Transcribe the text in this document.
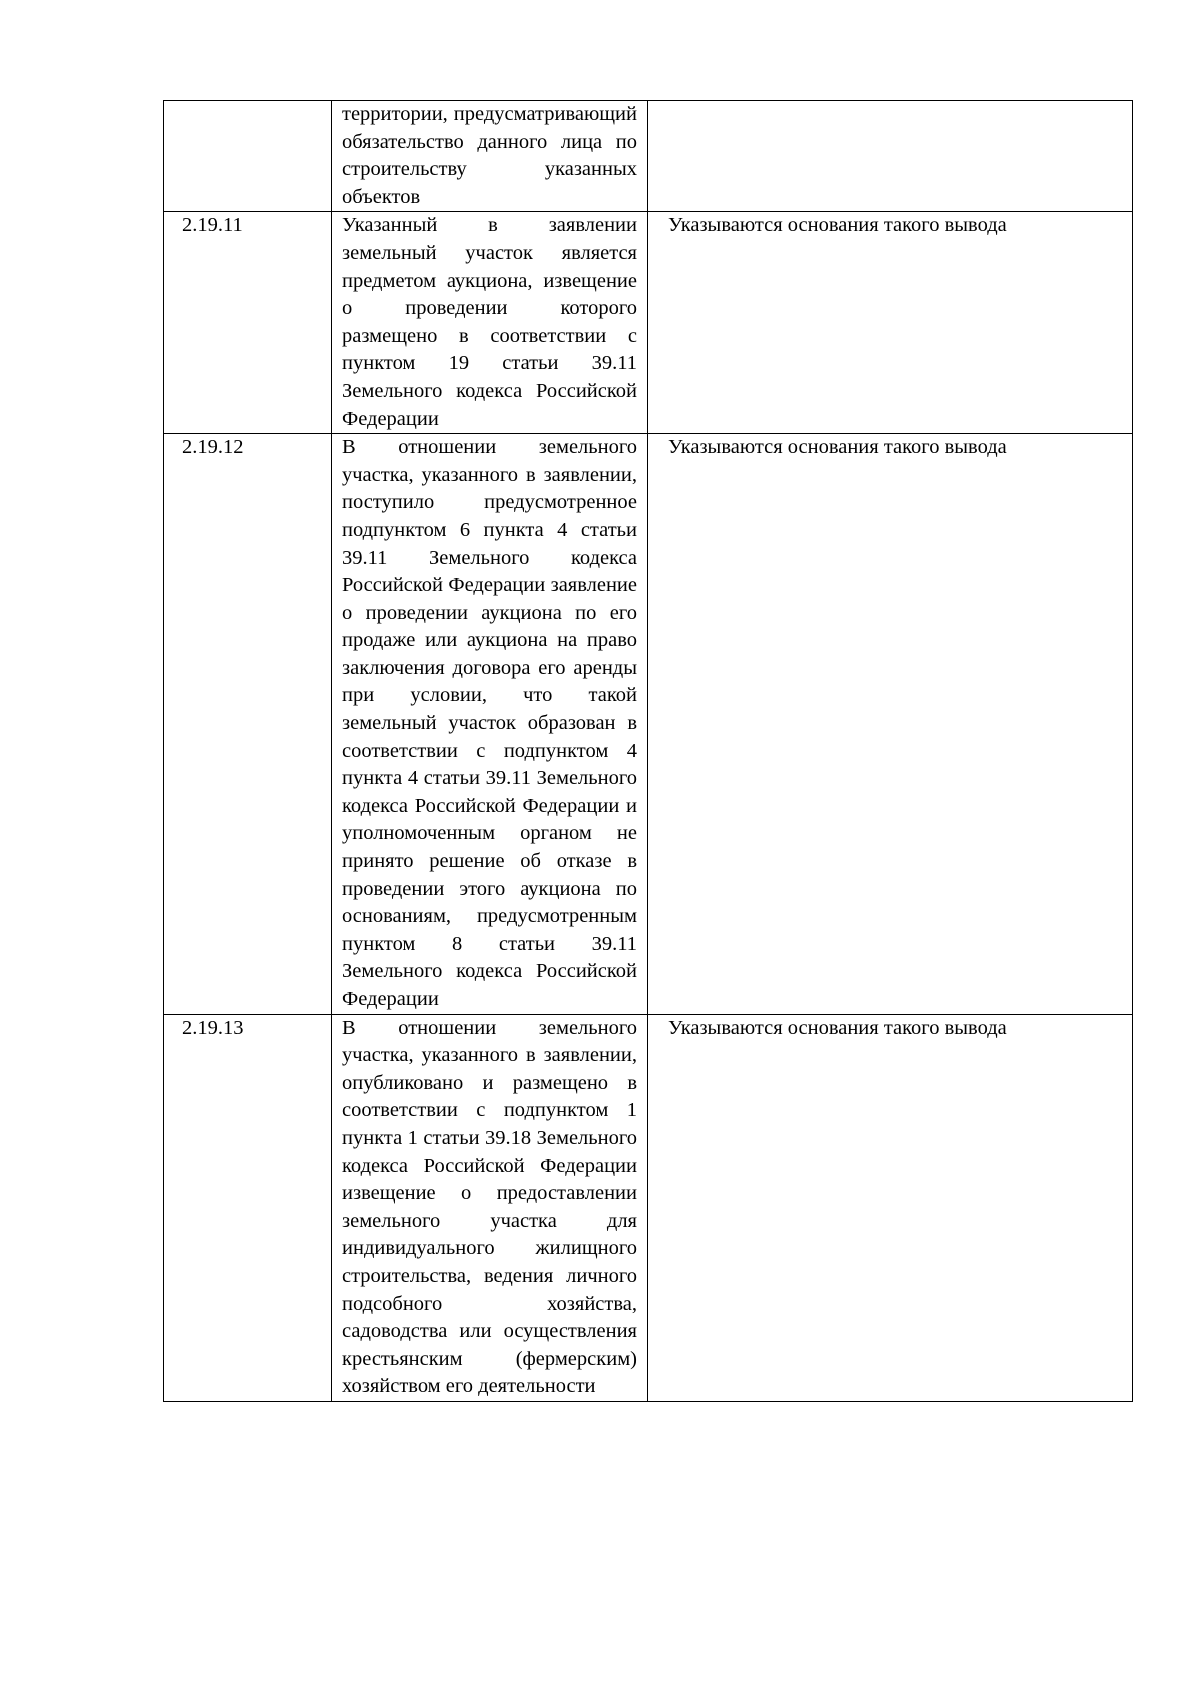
	территории, предусматривающий обязательство данного лица по строительству указанных объектов	

2.19.11	Указанный в заявлении земельный участок является предметом аукциона, извещение о проведении которого размещено в соответствии с пунктом 19 статьи 39.11 Земельного кодекса Российской Федерации	Указываются основания такого вывода
2.19.12	В отношении земельного участка, указанного в заявлении, поступило предусмотренное подпунктом 6 пункта 4 статьи 39.11 Земельного кодекса Российской Федерации заявление о проведении аукциона по его продаже или аукциона на право заключения договора его аренды при условии, что такой земельный участок образован в соответствии с подпунктом 4 пункта 4 статьи 39.11 Земельного кодекса Российской Федерации и уполномоченным органом не принято решение об отказе в проведении этого аукциона по основаниям, предусмотренным пунктом 8 статьи 39.11 Земельного кодекса Российской Федерации	Указываются основания такого вывода
2.19.13	В отношении земельного участка, указанного в заявлении, опубликовано и размещено в соответствии с подпунктом 1 пункта 1 статьи 39.18 Земельного кодекса Российской Федерации извещение о предоставлении земельного участка для индивидуального жилищного строительства, ведения личного подсобного хозяйства, садоводства или осуществления крестьянским (фермерским) хозяйством его деятельности	Указываются основания такого вывода
